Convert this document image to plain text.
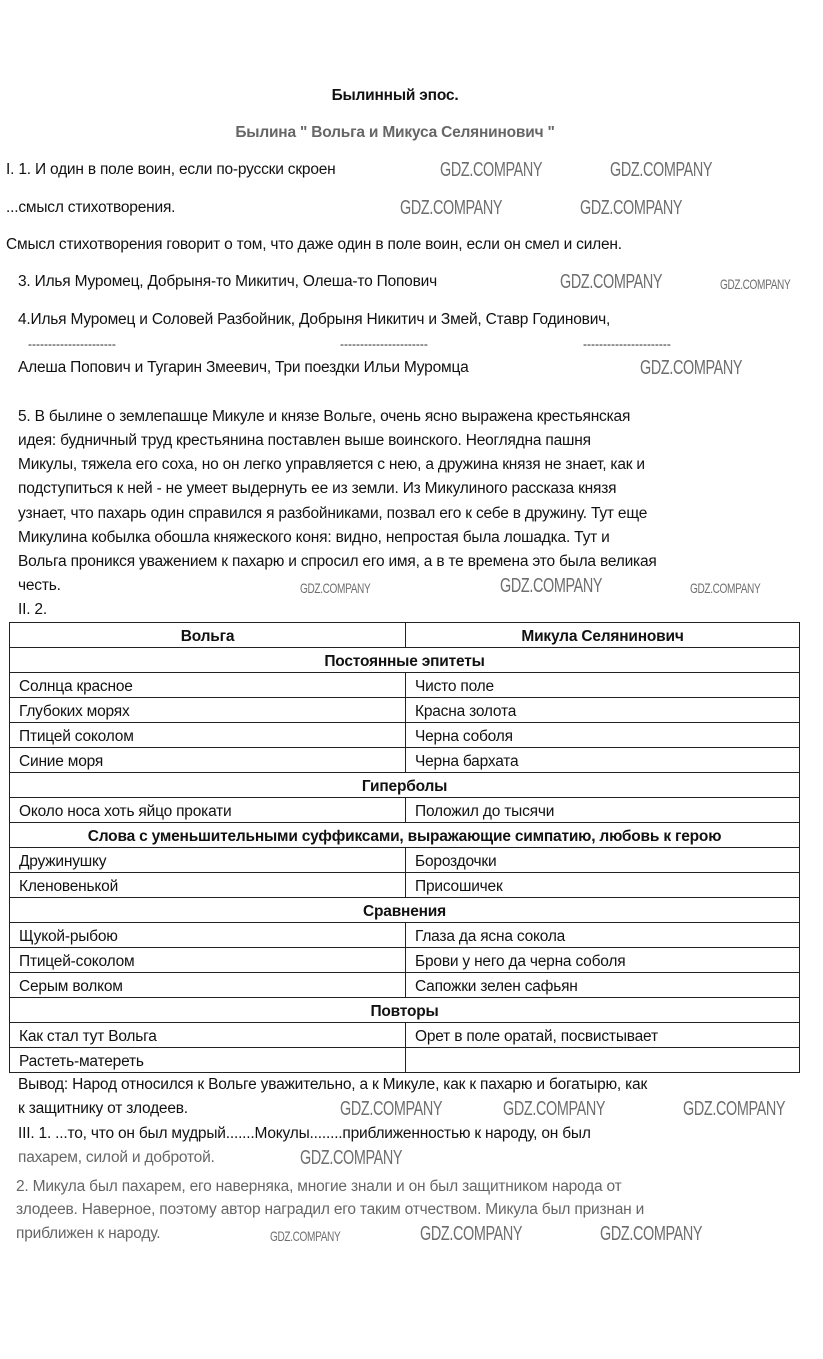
Былинный эпос.
Былина " Вольга и Микуса Селянинович "
I. 1. И один в поле воин, если по-русски скроен
...смысл стихотворения.
Смысл стихотворения говорит о том, что даже один в поле воин, если он смел и силен.
3. Илья Муромец, Добрыня-то Микитич, Олеша-то Попович
4.Илья Муромец и Соловей Разбойник, Добрыня Никитич и Змей, Ставр Годинович,
----------------------	----------------------	----------------------
Алеша Попович и Тугарин Змеевич, Три поездки Ильи Муромца
5. В былине о землепашце Микуле и князе Вольге, очень ясно выражена крестьянская
идея: будничный труд крестьянина поставлен выше воинского. Неоглядна пашня
Микулы, тяжела его соха, но он легко управляется с нею, а дружина князя не знает, как и
подступиться к ней - не умеет выдернуть ее из земли. Из Микулиного рассказа князя
узнает, что пахарь один справился я разбойниками, позвал его к себе в дружину. Тут еще
Микулина кобылка обошла княжеского коня: видно, непростая была лошадка. Тут и
Вольга проникся уважением к пахарю и спросил его имя, а в те времена это была великая
честь.
II. 2.
Вольга	Микула Селянинович
Постоянные эпитеты	
Солнца красное	Чисто поле
Глубоких морях	Красна золота
Птицей соколом	Черна соболя
Синие моря	Черна бархата
Гиперболы	
Около носа хоть яйцо прокати	Положил до тысячи
Слова с уменьшительными суффиксами, выражающие симпатию, любовь к герою	
Дружинушку	Бороздочки
Кленовенькой	Присошичек
Сравнения	
Щукой-рыбою	Глаза да ясна сокола
Птицей-соколом	Брови у него да черна соболя
Серым волком	Сапожки зелен сафьян
Повторы	
Как стал тут Вольга	Орет в поле оратай, посвистывает
Растеть-матереть	
Вывод: Народ относился к Вольге уважительно, а к Микуле, как к пахарю и богатырю, как
к защитнику от злодеев.
III. 1. ...то, что он был мудрый.......Мокулы........приближенностью к народу, он был
пахарем, силой и добротой.
2. Микула был пахарем, его наверняка, многие знали и он был защитником народа от
злодеев. Наверное, поэтому автор наградил его таким отчеством. Микула был признан и
приближен к народу.
GDZ.COMPANY	GDZ.COMPANY
GDZ.COMPANY	GDZ.COMPANY
GDZ.COMPANY	GDZ.COMPANY
GDZ.COMPANY
GDZ.COMPANY	GDZ.COMPANY	GDZ.COMPANY
GDZ.COMPANY	GDZ.COMPANY	GDZ.COMPANY
GDZ.COMPANY
GDZ.COMPANY	GDZ.COMPANY	GDZ.COMPANY
